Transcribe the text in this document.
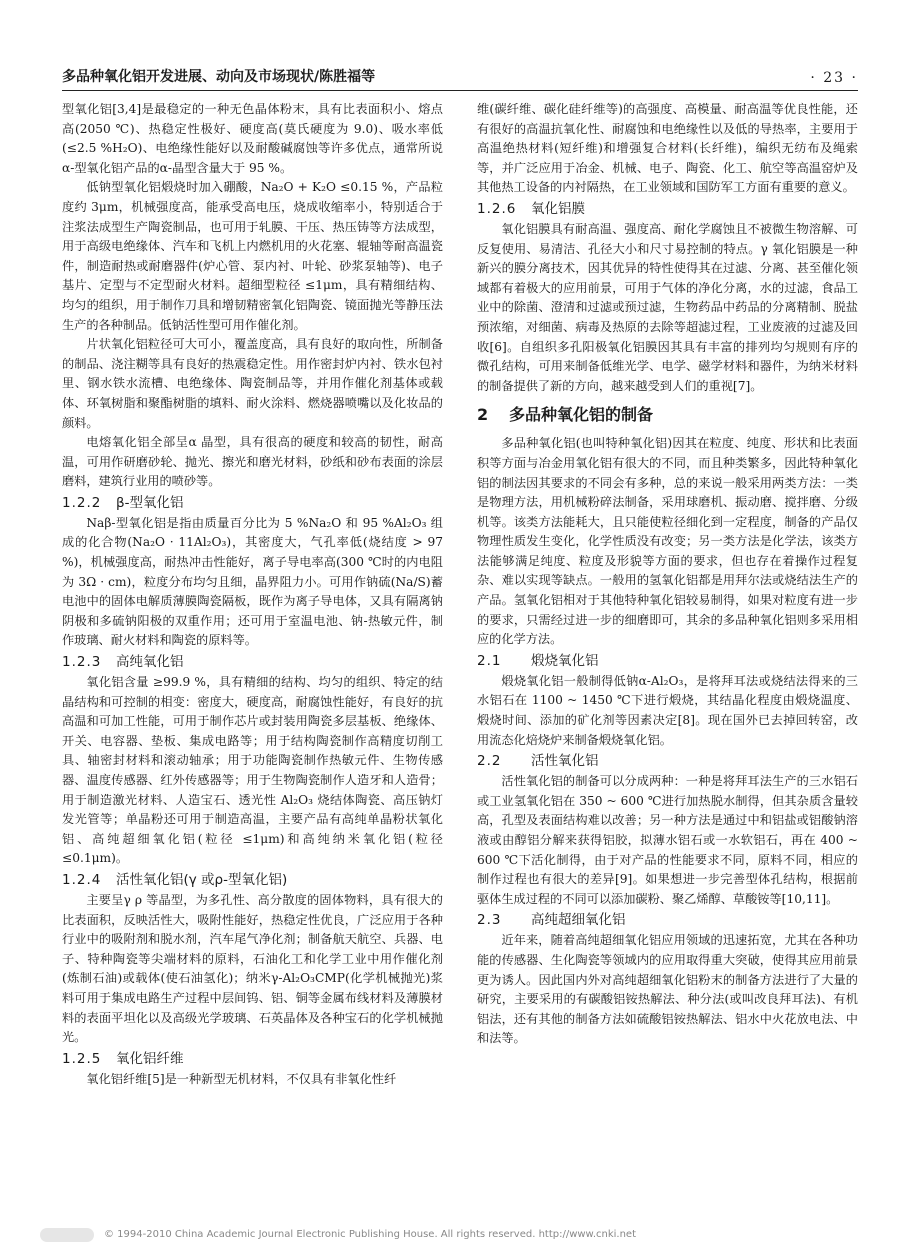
多品种氧化铝开发进展、动向及市场现状/陈胜福等	· 23 ·

型氧化铝[3,4]是最稳定的一种无色晶体粉末，具有比表面积小、熔点高(2050 ℃)、热稳定性极好、硬度高(莫氏硬度为 9.0)、吸水率低(≤2.5 %H₂O)、电绝缘性能好以及耐酸碱腐蚀等许多优点，通常所说α-型氧化铝产品的α-晶型含量大于 95 %。

低钠型氧化铝煅烧时加入硼酸，Na₂O + K₂O ≤0.15 %，产品粒度约 3μm，机械强度高，能承受高电压，烧成收缩率小，特别适合于注浆法成型生产陶瓷制品，也可用于轧膜、干压、热压铸等方法成型，用于高级电绝缘体、汽车和飞机上内燃机用的火花塞、辊轴等耐高温瓷件，制造耐热或耐磨器件(炉心管、泵内衬、叶轮、砂浆泵轴等)、电子基片、定型与不定型耐火材料。超细型粒径 ≤1μm，具有精细结构、均匀的组织，用于制作刀具和增韧精密氧化铝陶瓷、镜面抛光等静压法生产的各种制品。低钠活性型可用作催化剂。

片状氧化铝粒径可大可小，覆盖度高，具有良好的取向性，所制备的制品、浇注糊等具有良好的热震稳定性。用作密封炉内衬、铁水包衬里、钢水铁水流槽、电绝缘体、陶瓷制品等，并用作催化剂基体或载体、环氧树脂和聚酯树脂的填料、耐火涂料、燃烧器喷嘴以及化妆品的颜料。

电熔氧化铝全部呈α 晶型，具有很高的硬度和较高的韧性，耐高温，可用作研磨砂轮、抛光、擦光和磨光材料，砂纸和砂布表面的涂层磨料，建筑行业用的喷砂等。

1.2.2 β-型氧化铝

Naβ-型氧化铝是指由质量百分比为 5 %Na₂O 和 95 %Al₂O₃ 组成的化合物(Na₂O · 11Al₂O₃)，其密度大，气孔率低(烧结度 > 97 %)，机械强度高，耐热冲击性能好，离子导电率高(300 ℃时的内电阻为 3Ω · cm)，粒度分布均匀且细，晶界阻力小。可用作钠硫(Na/S)蓄电池中的固体电解质薄膜陶瓷隔板，既作为离子导电体，又具有隔离钠阴极和多硫钠阳极的双重作用；还可用于室温电池、钠-热敏元件，制作玻璃、耐火材料和陶瓷的原料等。

1.2.3 高纯氧化铝

氧化铝含量 ≥99.9 %，具有精细的结构、均匀的组织、特定的结晶结构和可控制的相变：密度大，硬度高，耐腐蚀性能好，有良好的抗高温和可加工性能，可用于制作芯片或封装用陶瓷多层基板、绝缘体、开关、电容器、垫板、集成电路等；用于结构陶瓷制作高精度切削工具、轴密封材料和滚动轴承；用于功能陶瓷制作热敏元件、生物传感器、温度传感器、红外传感器等；用于生物陶瓷制作人造牙和人造骨；用于制造激光材料、人造宝石、透光性 Al₂O₃ 烧结体陶瓷、高压钠灯发光管等；单晶粉还可用于制造高温，主要产品有高纯单晶粉状氧化铝、高纯超细氧化铝(粒径 ≤1μm)和高纯纳米氧化铝(粒径 ≤0.1μm)。

1.2.4 活性氧化铝(γ 或ρ-型氧化铝)

主要呈γ ρ 等晶型，为多孔性、高分散度的固体物料，具有很大的比表面积，反映活性大，吸附性能好，热稳定性优良，广泛应用于各种行业中的吸附剂和脱水剂，汽车尾气净化剂；制备航天航空、兵器、电子、特种陶瓷等尖端材料的原料，石油化工和化学工业中用作催化剂(炼制石油)或载体(使石油氢化)；纳米γ-Al₂O₃CMP(化学机械抛光)浆料可用于集成电路生产过程中层间钨、铝、铜等金属布线材料及薄膜材料的表面平坦化以及高级光学玻璃、石英晶体及各种宝石的化学机械抛光。

1.2.5 氧化铝纤维

氧化铝纤维[5]是一种新型无机材料，不仅具有非氧化性纤

维(碳纤维、碳化硅纤维等)的高强度、高模量、耐高温等优良性能，还有很好的高温抗氧化性、耐腐蚀和电绝缘性以及低的导热率，主要用于高温绝热材料(短纤维)和增强复合材料(长纤维)，编织无纺布及绳索等，并广泛应用于冶金、机械、电子、陶瓷、化工、航空等高温窑炉及其他热工设备的内衬隔热，在工业领域和国防军工方面有重要的意义。

1.2.6 氧化铝膜

氧化铝膜具有耐高温、强度高、耐化学腐蚀且不被微生物溶解、可反复使用、易清洁、孔径大小和尺寸易控制的特点。γ 氧化铝膜是一种新兴的膜分离技术，因其优异的特性使得其在过滤、分离、甚至催化领域都有着极大的应用前景，可用于气体的净化分离，水的过滤，食品工业中的除菌、澄清和过滤或预过滤，生物药品中药品的分离精制、脱盐预浓缩，对细菌、病毒及热原的去除等超滤过程，工业废液的过滤及回收[6]。自组织多孔阳极氧化铝膜因其具有丰富的排列均匀规则有序的微孔结构，可用来制备低维光学、电学、磁学材料和器件，为纳米材料的制备提供了新的方向，越来越受到人们的重视[7]。

2 多品种氧化铝的制备

多品种氧化铝(也叫特种氧化铝)因其在粒度、纯度、形状和比表面积等方面与冶金用氧化铝有很大的不同，而且种类繁多，因此特种氧化铝的制法因其要求的不同会有多种，总的来说一般采用两类方法：一类是物理方法，用机械粉碎法制备，采用球磨机、振动磨、搅拌磨、分级机等。该类方法能耗大，且只能使粒径细化到一定程度，制备的产品仅物理性质发生变化，化学性质没有改变；另一类方法是化学法，该类方法能够满足纯度、粒度及形貌等方面的要求，但也存在着操作过程复杂、难以实现等缺点。一般用的氢氧化铝都是用拜尔法或烧结法生产的产品。氢氧化铝相对于其他特种氧化铝较易制得，如果对粒度有进一步的要求，只需经过进一步的细磨即可，其余的多品种氧化铝则多采用相应的化学方法。

2.1 煅烧氧化铝

煅烧氧化铝一般制得低钠α-Al₂O₃，是将拜耳法或烧结法得来的三水铝石在 1100 ~ 1450 ℃下进行煅烧，其结晶化程度由煅烧温度、煅烧时间、添加的矿化剂等因素决定[8]。现在国外已去掉回转窑，改用流态化焙烧炉来制备煅烧氧化铝。

2.2 活性氧化铝

活性氧化铝的制备可以分成两种：一种是将拜耳法生产的三水铝石或工业氢氧化铝在 350 ~ 600 ℃进行加热脱水制得，但其杂质含量较高，孔型及表面结构难以改善；另一种方法是通过中和铝盐或铝酸钠溶液或由醇铝分解来获得铝胶，拟薄水铝石或一水软铝石，再在 400 ~ 600 ℃下活化制得，由于对产品的性能要求不同，原料不同，相应的制作过程也有很大的差异[9]。如果想进一步完善型体孔结构，根据前驱体生成过程的不同可以添加碳粉、聚乙烯醇、草酸铵等[10,11]。

2.3 高纯超细氧化铝

近年来，随着高纯超细氧化铝应用领域的迅速拓宽，尤其在各种功能的传感器、生化陶瓷等领域内的应用取得重大突破，使得其应用前景更为诱人。因此国内外对高纯超细氧化铝粉末的制备方法进行了大量的研究，主要采用的有碳酸铝铵热解法、种分法(或叫改良拜耳法)、有机铝法，还有其他的制备方法如硫酸铝铵热解法、铝水中火花放电法、中和法等。

© 1994-2010 China Academic Journal Electronic Publishing House. All rights reserved. http://www.cnki.net
